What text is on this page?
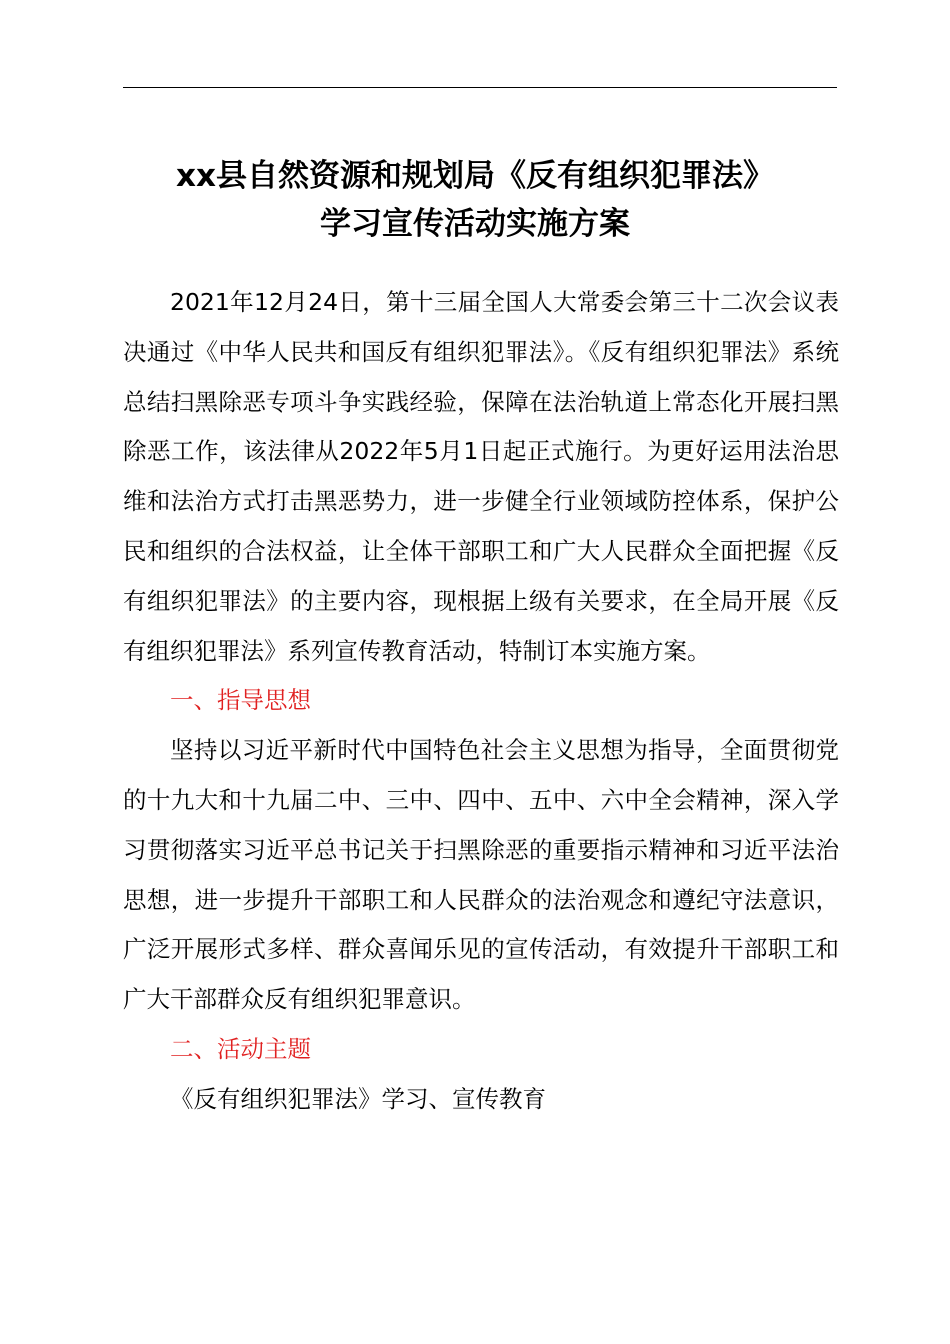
xx县自然资源和规划局《反有组织犯罪法》
学习宣传活动实施方案

2021年12月24日，第十三届全国人大常委会第三十二次会议表决通过《中华人民共和国反有组织犯罪法》。《反有组织犯罪法》系统总结扫黑除恶专项斗争实践经验，保障在法治轨道上常态化开展扫黑除恶工作，该法律从2022年5月1日起正式施行。为更好运用法治思维和法治方式打击黑恶势力，进一步健全行业领域防控体系，保护公民和组织的合法权益，让全体干部职工和广大人民群众全面把握《反有组织犯罪法》的主要内容，现根据上级有关要求，在全局开展《反有组织犯罪法》系列宣传教育活动，特制订本实施方案。

一、指导思想

坚持以习近平新时代中国特色社会主义思想为指导，全面贯彻党的十九大和十九届二中、三中、四中、五中、六中全会精神，深入学习贯彻落实习近平总书记关于扫黑除恶的重要指示精神和习近平法治思想，进一步提升干部职工和人民群众的法治观念和遵纪守法意识，广泛开展形式多样、群众喜闻乐见的宣传活动，有效提升干部职工和广大干部群众反有组织犯罪意识。

二、活动主题

《反有组织犯罪法》学习、宣传教育
